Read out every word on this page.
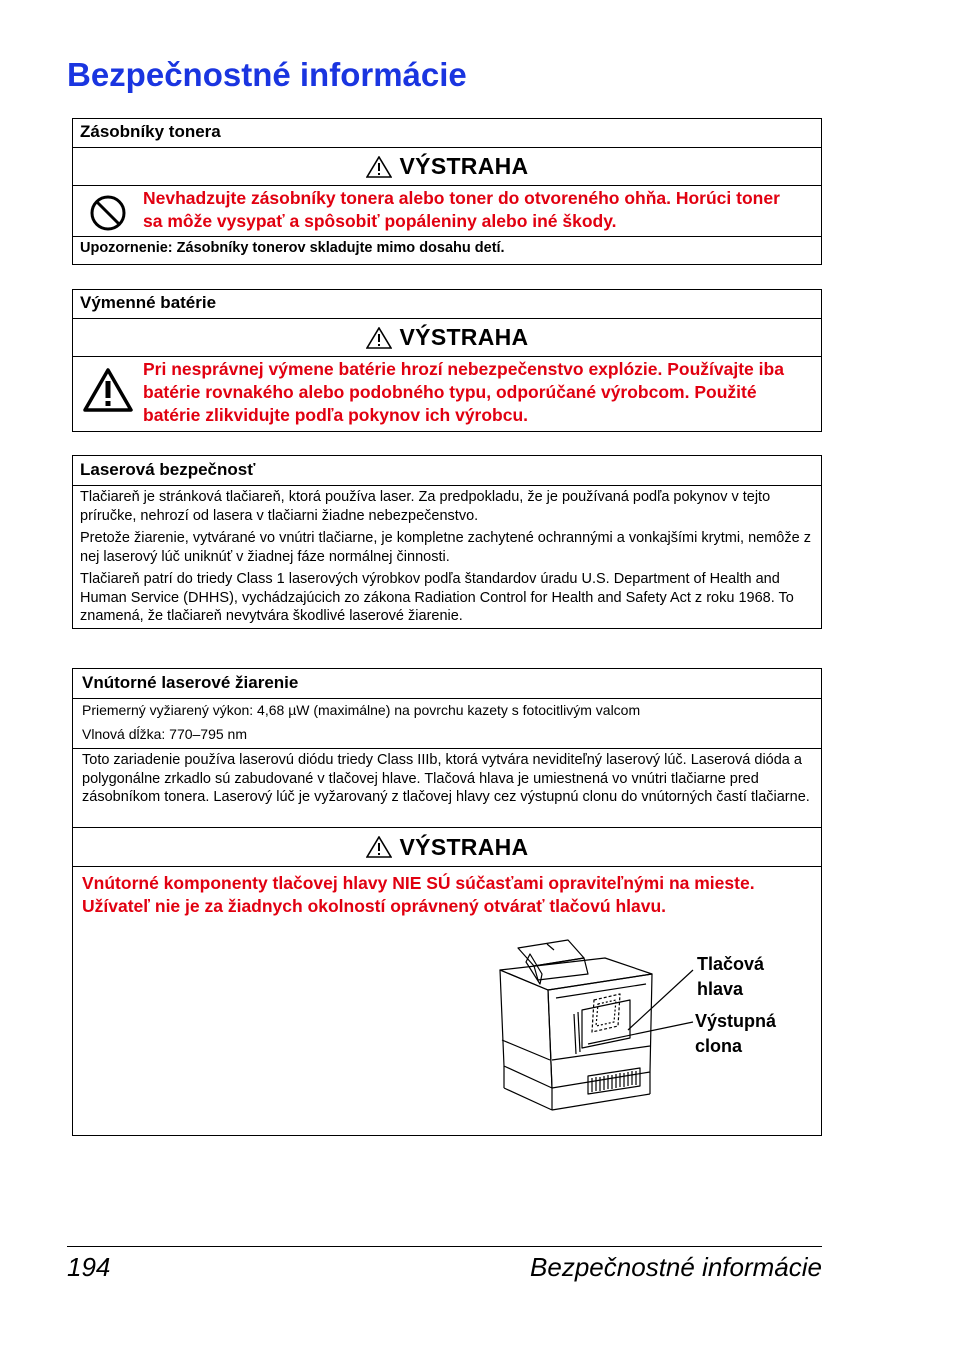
Bezpečnostné informácie
Zásobníky tonera
VÝSTRAHA
Nevhadzujte zásobníky tonera alebo toner do otvoreného ohňa. Horúci toner sa môže vysypať a spôsobiť popáleniny alebo iné škody.
Upozornenie: Zásobníky tonerov skladujte mimo dosahu detí.
Výmenné batérie
VÝSTRAHA
Pri nesprávnej výmene batérie hrozí nebezpečenstvo explózie. Používajte iba batérie rovnakého alebo podobného typu, odporúčané výrobcom. Použité batérie zlikvidujte podľa pokynov ich výrobcu.
Laserová bezpečnosť

Tlačiareň je stránková tlačiareň, ktorá používa laser. Za predpokladu, že je používaná podľa pokynov v tejto príručke, nehrozí od lasera v tlačiarni žiadne nebezpečenstvo.

Pretože žiarenie, vytvárané vo vnútri tlačiarne, je kompletne zachytené ochrannými a vonkajšími krytmi, nemôže z nej laserový lúč uniknúť v žiadnej fáze normálnej činnosti.

Tlačiareň patrí do triedy Class 1 laserových výrobkov podľa štandardov úradu U.S. Department of Health and Human Service (DHHS), vychádzajúcich zo zákona Radiation Control for Health and Safety Act z roku 1968. To znamená, že tlačiareň nevytvára škodlivé laserové žiarenie.

Vnútorné laserové žiarenie
Priemerný vyžiarený výkon: 4,68 µW (maximálne) na povrchu kazety s fotocitlivým valcom
Vlnová dĺžka: 770–795 nm
Toto zariadenie používa laserovú diódu triedy Class IIIb, ktorá vytvára neviditeľný laserový lúč. Laserová dióda a polygonálne zrkadlo sú zabudované v tlačovej hlave. Tlačová hlava je umiestnená vo vnútri tlačiarne pred zásobníkom tonera. Laserový lúč je vyžarovaný z tlačovej hlavy cez výstupnú clonu do vnútorných častí tlačiarne.
VÝSTRAHA
Vnútorné komponenty tlačovej hlavy NIE SÚ súčasťami opraviteľnými na mieste. Užívateľ nie je za žiadnych okolností oprávnený otvárať tlačovú hlavu.
Tlačová
hlava
Výstupná
clona
194	Bezpečnostné informácie
